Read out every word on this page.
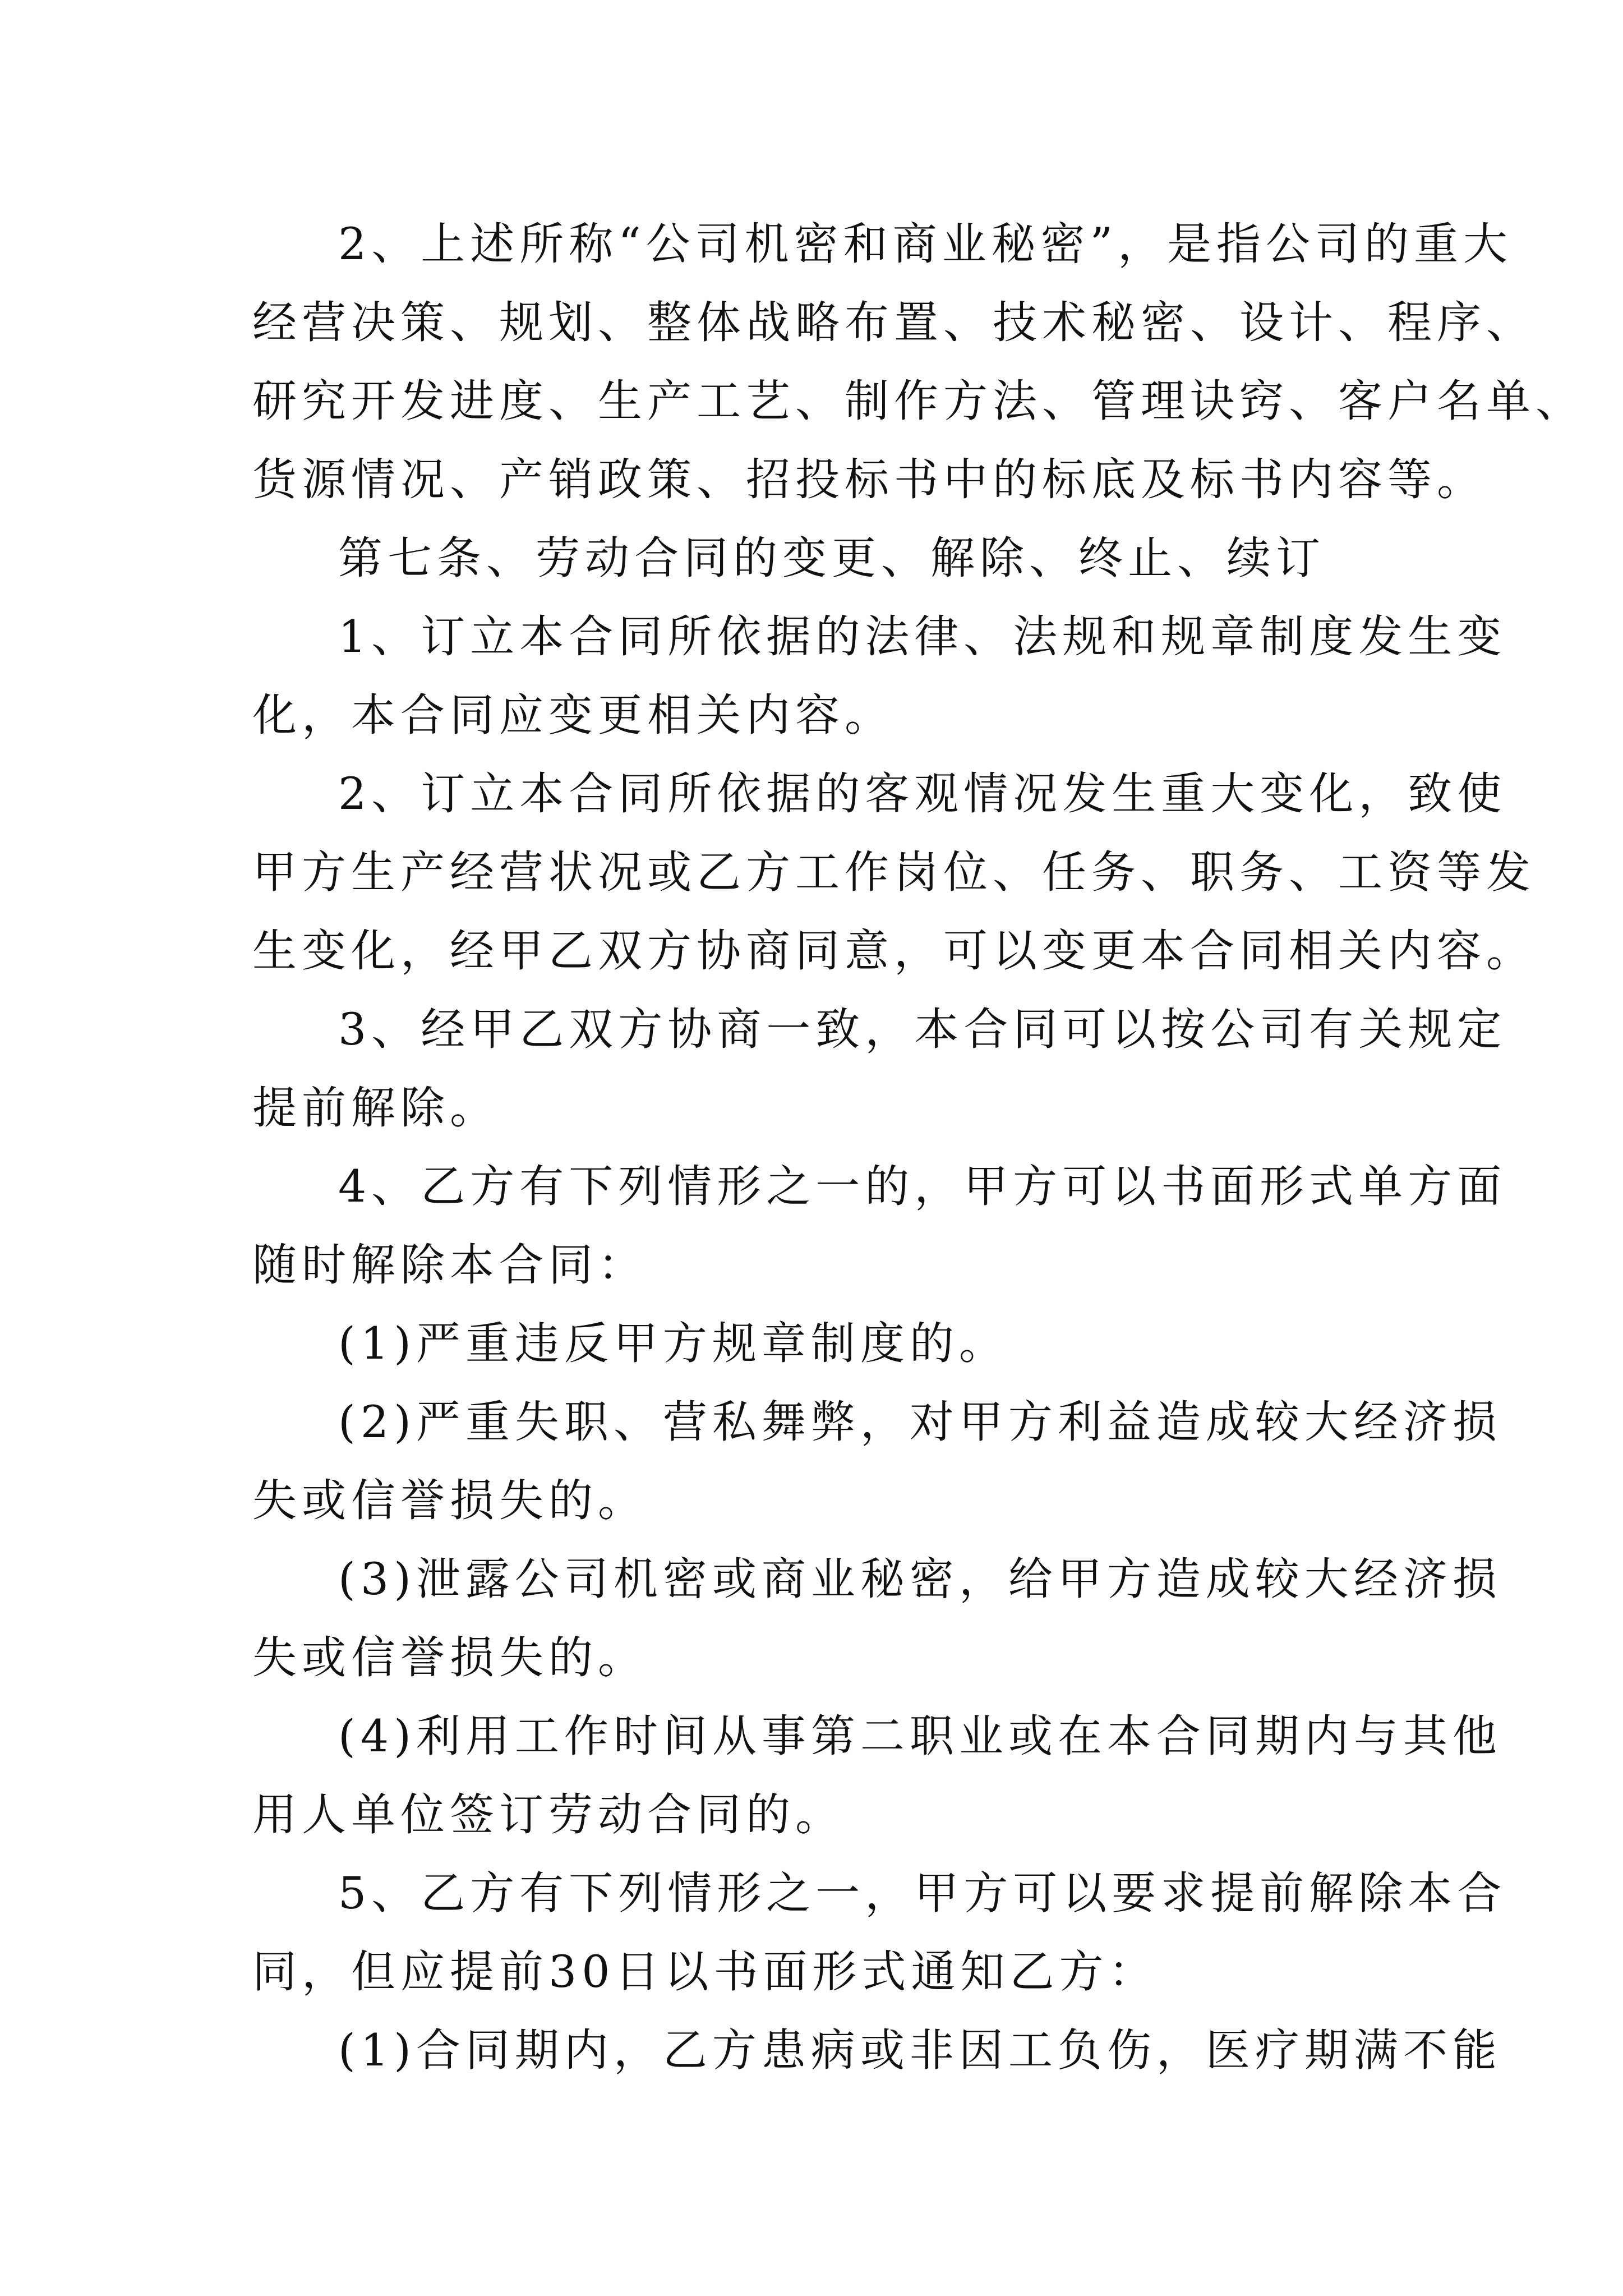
2、上述所称“公司机密和商业秘密”，是指公司的重大
经营决策、规划、整体战略布置、技术秘密、设计、程序、
研究开发进度、生产工艺、制作方法、管理诀窍、客户名单、
货源情况、产销政策、招投标书中的标底及标书内容等。
第七条、劳动合同的变更、解除、终止、续订
1、订立本合同所依据的法律、法规和规章制度发生变
化，本合同应变更相关内容。
2、订立本合同所依据的客观情况发生重大变化，致使
甲方生产经营状况或乙方工作岗位、任务、职务、工资等发
生变化，经甲乙双方协商同意，可以变更本合同相关内容。
3、经甲乙双方协商一致，本合同可以按公司有关规定
提前解除。
4、乙方有下列情形之一的，甲方可以书面形式单方面
随时解除本合同：
(1)严重违反甲方规章制度的。
(2)严重失职、营私舞弊，对甲方利益造成较大经济损
失或信誉损失的。
(3)泄露公司机密或商业秘密，给甲方造成较大经济损
失或信誉损失的。
(4)利用工作时间从事第二职业或在本合同期内与其他
用人单位签订劳动合同的。
5、乙方有下列情形之一，甲方可以要求提前解除本合
同，但应提前30日以书面形式通知乙方：
(1)合同期内，乙方患病或非因工负伤，医疗期满不能
